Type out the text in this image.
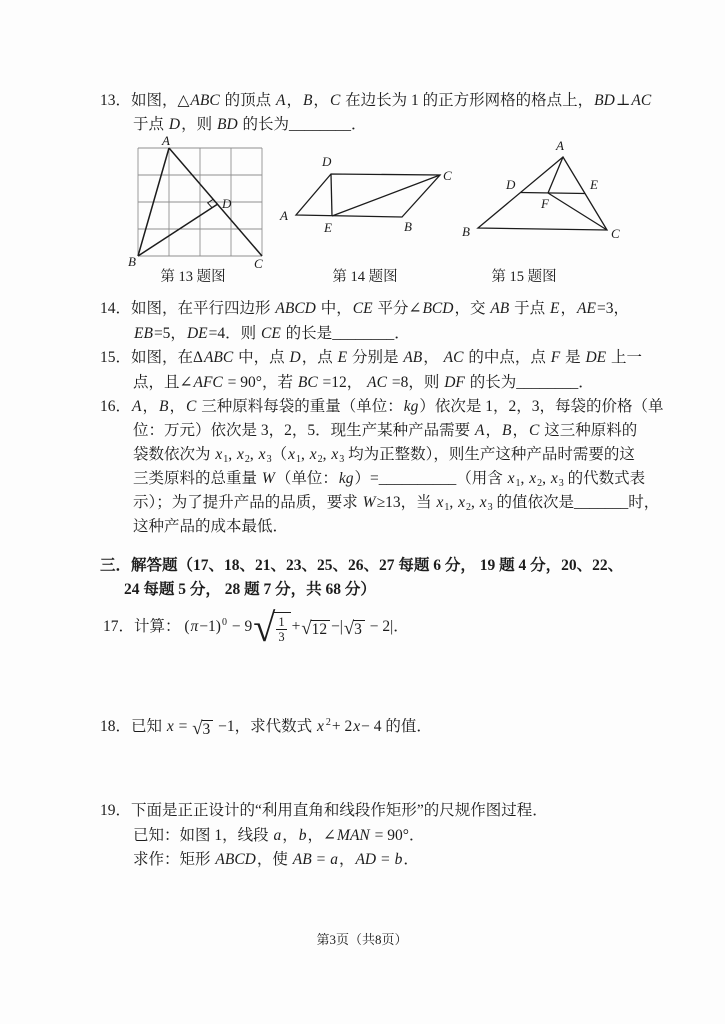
13．如图，△ABC 的顶点 A，B，C 在边长为 1 的正方形网格的格点上，BD⊥AC
于点 D，则 BD 的长为________．
A
B	C
D
第 13 题图
A
B
C
D
E
第 14 题图
A
B	C
D	E
F
第 15 题图
14．如图，在平行四边形 ABCD 中，CE 平分∠BCD，交 AB 于点 E，AE=3，
EB=5，DE=4．则 CE 的长是________．
15．如图，在ΔABC 中，点 D，点 E 分别是 AB， AC 的中点，点 F 是 DE 上一
点，且∠AFC = 90°，若 BC =12， AC =8，则 DF 的长为________．
16．A，B，C 三种原料每袋的重量（单位：kg）依次是 1，2，3，每袋的价格（单
位：万元）依次是 3，2，5．现生产某种产品需要 A，B，C 这三种原料的
袋数依次为 $x_1$, $x_2$, $x_3(x_1$, $x_2$, $x_3$ 均为正整数），则生产这种产品时需要的这
三类原料的总重量 W（单位：kg）=__________（用含 $x_1$, $x_2$, $x_3$ 的代数式表
示）；为了提升产品的品质，要求 W≥13，当 $x_1$, $x_2$, $x_3$ 的值依次是_______时，
这种产品的成本最低．
三．解答题（17、18、21、23、25、26、27 每题 6 分， 19 题 4 分，20、22、
24 每题 5 分， 28 题 7 分，共 68 分）
17．计算： $(\pi-1)^0 - 9$ √ $\frac{1}{3}$ + √ 12 −| √ 3 − 2|．
18．已知 x = √ 3 −1，求代数式 x $^2$+ 2x− 4 的值．
19．下面是正正设计的“利用直角和线段作矩形”的尺规作图过程．
已知：如图 1，线段 a，b，∠MAN = 90°．
求作：矩形 ABCD，使 AB = a，AD = b．
第3页（共8页）
